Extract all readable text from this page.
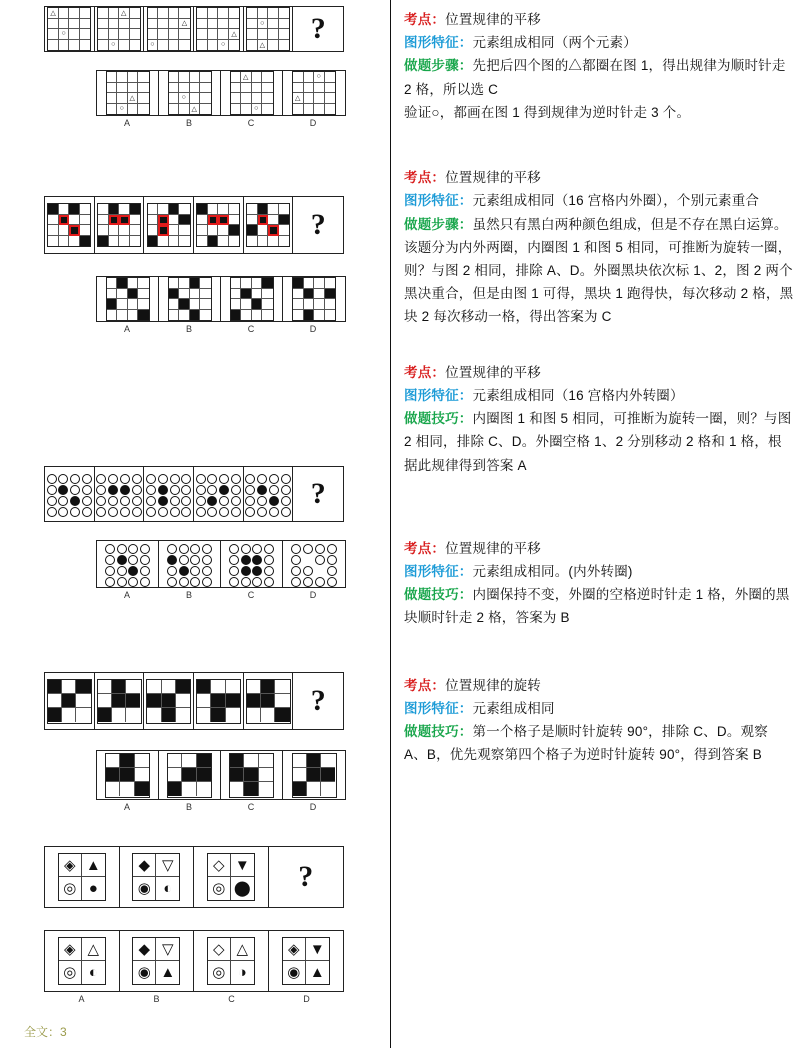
△
○
△
○
△
○
△
○
○
△
?
△
○
○
△
△
○
○
△
A	B	C	D
?
A	B	C	D
?
A	B	C	D
?
A	B	C	D
◈ ▲
◎ ●
◆ ▽
◉ ◐
◇ ▼
◎ ⬤ ?
◈ △
◎ ◐
◆ ▽
◉ ▲
◇ △
◎ ◑
◈ ▼
◉ ▲
A	B	C	D
全文：3
考点：位置规律的平移
图形特征：元素组成相同（两个元素）
做题步骤：先把后四个图的△都圈在图 1，得出规律为顺时针走 2 格，所以选 C
验证○，都画在图 1 得到规律为逆时针走 3 个。
考点：位置规律的平移
图形特征：元素组成相同（16 宫格内外圈），个别元素重合
做题步骤：虽然只有黑白两种颜色组成，但是不存在黑白运算。
该题分为内外两圈，内圈图 1 和图 5 相同，可推断为旋转一圈，则？与图 2 相同，排除 A、D。外圈黑块依次标 1、2，图 2 两个黑决重合，但是由图 1 可得，黑块 1 跑得快，每次移动 2 格，黑块 2 每次移动一格，得出答案为 C
考点：位置规律的平移
图形特征：元素组成相同（16 宫格内外转圈）
做题技巧：内圈图 1 和图 5 相同，可推断为旋转一圈，则？与图 2 相同，排除 C、D。外圈空格 1、2 分别移动 2 格和 1 格，根据此规律得到答案 A
考点：位置规律的平移
图形特征：元素组成相同。(内外转圈)
做题技巧：内圈保持不变，外圈的空格逆时针走 1 格，外圈的黑块顺时针走 2 格，答案为 B
考点：位置规律的旋转
图形特征：元素组成相同
做题技巧：第一个格子是顺时针旋转 90°，排除 C、D。观察 A、B，优先观察第四个格子为逆时针旋转 90°，得到答案 B
